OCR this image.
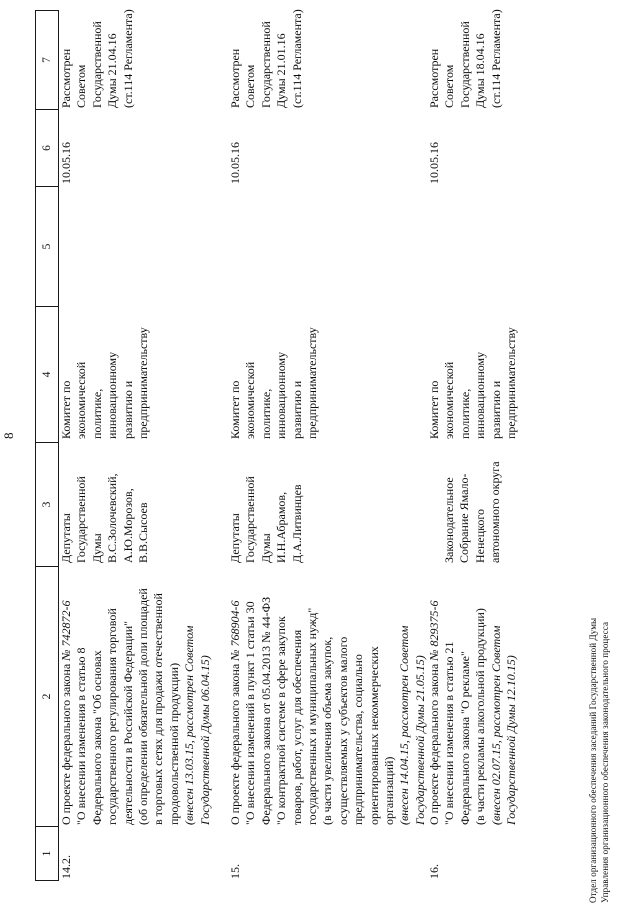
8
1
2
3
4
5
6
7
14.2.
О проекте федерального закона № 742872-6
"О внесении изменения в статью 8 Федерального закона "Об основах государственного регулирования торговой деятельности в Российской Федерации" (об определении обязательной доли площадей в торговых сетях для продажи отечественной продовольственной продукции) (внесен 13.03.15, рассмотрен Советом Государственной Думы 06.04.15)
Депутаты Государственной Думы В.С.Золочевский, А.Ю.Морозов, В.В.Сысоев
Комитет по экономической политике, инновационному развитию и предпринимательству
10.05.16
Рассмотрен Советом Государственной Думы 21.04.16 (ст.114 Регламента)
15.
О проекте федерального закона № 768904-6 "О внесении изменений в пункт 1 статьи 30 Федерального закона от 05.04.2013 № 44-ФЗ "О контрактной системе в сфере закупок товаров, работ, услуг для обеспечения государственных и муниципальных нужд" (в части увеличения объема закупок, осуществляемых у субъектов малого предпринимательства, социально ориентированных некоммерческих организаций) (внесен 14.04.15, рассмотрен Советом Государственной Думы 21.05.15)
Депутаты Государственной Думы И.Н.Абрамов, Д.А.Литвинцев
Комитет по экономической политике, инновационному развитию и предпринимательству
10.05.16
Рассмотрен Советом Государственной Думы 21.01.16 (ст.114 Регламента)
16.
О проекте федерального закона № 829375-6
"О внесении изменения в статью 21 Федерального закона "О рекламе" (в части рекламы алкогольной продукции) (внесен 02.07.15, рассмотрен Советом Государственной Думы 12.10.15)
Законодательное Собрание Ямало- Ненецкого автономного округа
Комитет по экономической политике, инновационному развитию и предпринимательству
10.05.16
Рассмотрен Советом Государственной Думы 18.04.16 (ст.114 Регламента)
Отдел организационного обеспечения заседаний Государственной Думы Управления организационного обеспечения законодательного процесса
